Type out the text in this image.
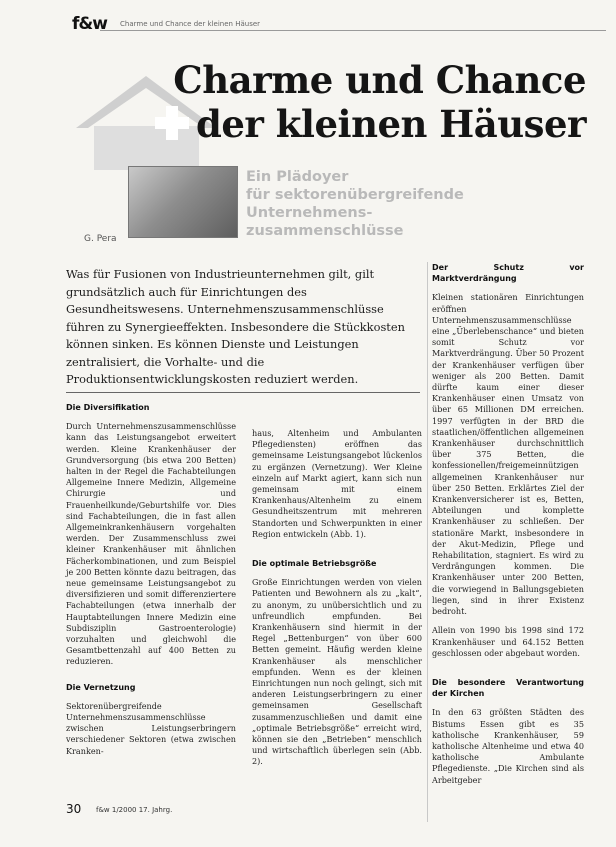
f&w Charme und Chance der kleinen Häuser
G. Pera
Charme und Chance
der kleinen Häuser
Ein Plädoyer
für sektorenübergreifende
Unternehmens-
zusammenschlüsse
Was für Fusionen von Industrieunternehmen gilt, gilt grundsätzlich auch für Einrichtungen des Gesundheitswesens. Unternehmenszusammenschlüsse führen zu Synergieeffekten. Insbesondere die Stückkosten können sinken. Es können Dienste und Leistungen zentralisiert, die Vorhalte- und die Produktionsentwicklungskosten reduziert werden.
Die Diversifikation

Durch Unternehmenszusammenschlüsse kann das Leistungsangebot erweitert werden. Kleine Krankenhäuser der Grundversorgung (bis etwa 200 Betten) halten in der Regel die Fachabteilungen Allgemeine Innere Medizin, Allgemeine Chirurgie und Frauenheilkunde/Geburtshilfe vor. Dies sind Fachabteilungen, die in fast allen Allgemeinkrankenhäusern vorgehalten werden. Der Zusammenschluss zwei kleiner Krankenhäuser mit ähnlichen Fächerkombinationen, und zum Beispiel je 200 Betten könnte dazu beitragen, das neue gemeinsame Leistungsangebot zu diversifizieren und somit differenziertere Fachabteilungen (etwa innerhalb der Hauptabteilungen Innere Medizin eine Subdisziplin Gastroenterologie) vorzuhalten und gleichwohl die Gesamtbettenzahl auf 400 Betten zu reduzieren.

Die Vernetzung

Sektorenübergreifende Unternehmenszusammenschlüsse zwischen Leistungserbringern verschiedener Sektoren (etwa zwischen Kranken-

haus, Altenheim und Ambulanten Pflegediensten) eröffnen das gemeinsame Leistungsangebot lückenlos zu ergänzen (Vernetzung). Wer Kleine einzeln auf Markt agiert, kann sich nun gemeinsam mit einem Krankenhaus/Altenheim zu einem Gesundheitszentrum mit mehreren Standorten und Schwerpunkten in einer Region entwickeln (Abb. 1).

Die optimale Betriebsgröße

Große Einrichtungen werden von vielen Patienten und Bewohnern als zu „kalt“, zu anonym, zu unübersichtlich und zu unfreundlich empfunden. Bei Krankenhäusern sind hiermit in der Regel „Bettenburgen“ von über 600 Betten gemeint. Häufig werden kleine Krankenhäuser als menschlicher empfunden. Wenn es der kleinen Einrichtungen nun noch gelingt, sich mit anderen Leistungserbringern zu einer gemeinsamen Gesellschaft zusammenzuschließen und damit eine „optimale Betriebsgröße“ erreicht wird, können sie den „Betrieben“ menschlich und wirtschaftlich überlegen sein (Abb. 2).

Der Schutz vor Marktverdrängung

Kleinen stationären Einrichtungen eröffnen Unternehmenszusammenschlüsse eine „Überlebenschance“ und bieten somit Schutz vor Marktverdrängung. Über 50 Prozent der Krankenhäuser verfügen über weniger als 200 Betten. Damit dürfte kaum einer dieser Krankenhäuser einen Umsatz von über 65 Millionen DM erreichen. 1997 verfügten in der BRD die staatlichen/öffentlichen allgemeinen Krankenhäuser durchschnittlich über 375 Betten, die konfessionellen/freigemeinnützigen allgemeinen Krankenhäuser nur über 250 Betten. Erklärtes Ziel der Krankenversicherer ist es, Betten, Abteilungen und komplette Krankenhäuser zu schließen. Der stationäre Markt, insbesondere in der Akut-Medizin, Pflege und Rehabilitation, stagniert. Es wird zu Verdrängungen kommen. Die Krankenhäuser unter 200 Betten, die vorwiegend in Ballungsgebieten liegen, sind in ihrer Existenz bedroht.

Allein von 1990 bis 1998 sind 172 Krankenhäuser und 64.152 Betten geschlossen oder abgebaut worden.

Die besondere Verantwortung der Kirchen

In den 63 größten Städten des Bistums Essen gibt es 35 katholische Krankenhäuser, 59 katholische Altenheime und etwa 40 katholische Ambulante Pflegedienste. „Die Kirchen sind als Arbeitgeber

30 f&w 1/2000 17. Jahrg.
